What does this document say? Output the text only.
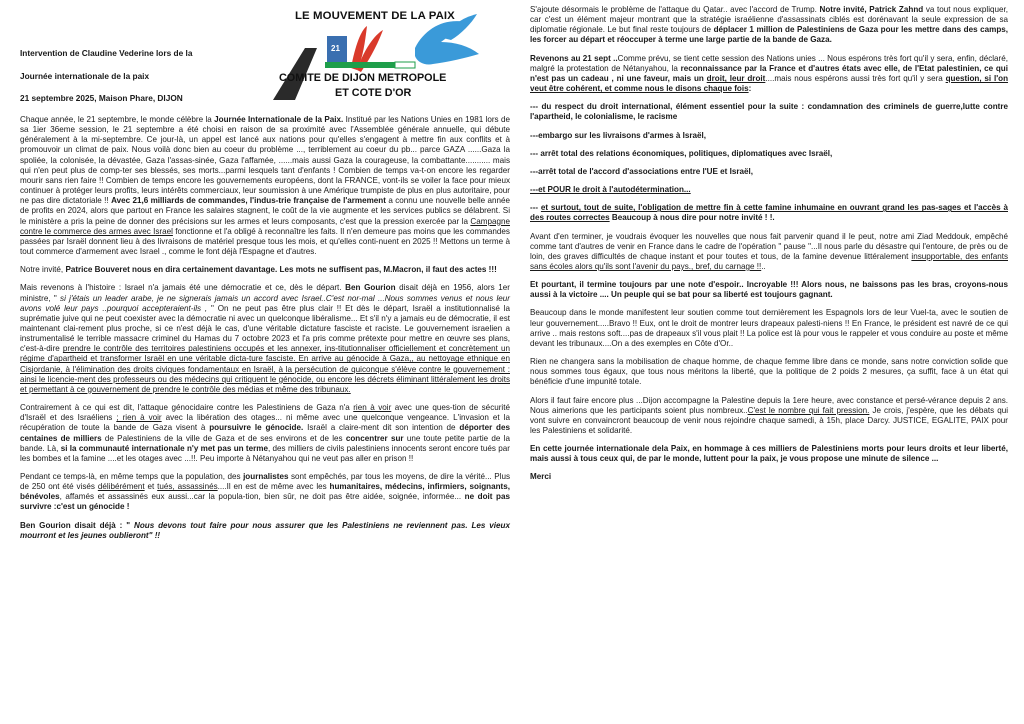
Intervention de Claudine Vederine lors de la
Journée internationale de la paix
21 septembre 2025, Maison Phare, DIJON
LE MOUVEMENT DE LA PAIX
21
COMITE DE DIJON METROPOLE
ET COTE D'OR

Chaque année, le 21 septembre, le monde célèbre la Journée Internationale de la Paix. Institué par les Nations Unies en 1981 lors de sa 1ier 36eme session, le 21 septembre a été choisi en raison de sa proximité avec l'Assemblée générale annuelle, qui débute généralement à la mi-septembre. Ce jour-là, un appel est lancé aux nations pour qu'elles s'engagent à mettre fin aux conflits et à promouvoir un climat de paix. Nous voilà donc bien au coeur du problème ..., terriblement au coeur du pb... parce GAZA ......Gaza la spoliée, la colonisée, la dévastée, Gaza l'assas-sinée, Gaza l'affamée, ......mais aussi Gaza la courageuse, la combattante........... mais qui n'en peut plus de comp-ter ses blessés, ses morts...parmi lesquels tant d'enfants ! Combien de temps va-t-on encore les regarder mourir sans rien faire !! Combien de temps encore les gouvernements européens, dont la FRANCE, vont-ils se voiler la face pour mieux continuer à protéger leurs profits, leurs intérêts commerciaux, leur soumission à une Amérique trumpiste de plus en plus autoritaire, pour ne pas dire dictatoriale !! Avec 21,6 milliards de commandes, l'indus-trie française de l'armement a connu une nouvelle belle année de profits en 2024, alors que partout en France les salaires stagnent, le coût de la vie augmente et les services publics se délabrent. Si le ministère a pris la peine de donner des précisions sur les armes et leurs composants, c'est que la pression exercée par la Campagne contre le commerce des armes avec Israel fonctionne et l'a obligé à reconnaître les faits. Il n'en demeure pas moins que les commandes passées par Israël donnent lieu à des livraisons de matériel presque tous les mois, et qu'elles conti-nuent en 2025 !! Mettons un terme à tout commerce d'armement avec Israel ., comme le font déjà l'Espagne et d'autres.

Notre invité, Patrice Bouveret nous en dira certainement davantage. Les mots ne suffisent pas, M.Macron, il faut des actes !!!

Mais revenons à l'histoire : Israel n'a jamais été une démocratie et ce, dès le départ. Ben Gourion disait déjà en 1956, alors 1er ministre, " si j'étais un leader arabe, je ne signerais jamais un accord avec Israel..C'est nor-mal ...Nous sommes venus et nous leur avons volé leur pays ..pourquoi accepteraient-ils , " On ne peut pas être plus clair !! Et dès le départ, Israël a institutionnalisé la suprématie juive qui ne peut coexister avec la démocratie ni avec un quelconque libéralisme... Et s'il n'y a jamais eu de démocratie, il est maintenant clai-rement plus proche, si ce n'est déjà le cas, d'une véritable dictature fasciste et raciste. Le gouvernement israelien a instrumentalisé le terrible massacre criminel du Hamas du 7 octobre 2023 et l'a pris comme prétexte pour mettre en œuvre ses plans, c'est-à-dire prendre le contrôle des territoires palestiniens occupés et les annexer, ins-titutionnaliser officiellement et concrètement un régime d'apartheid et transformer Israël en une véritable dicta-ture fasciste. En arrive au génocide à Gaza,, au nettoyage ethnique en Cisjordanie, à l'élimination des droits civiques fondamentaux en Israël, à la persécution de quiconque s'élève contre le gouvernement : ainsi le licencie-ment des professeurs ou des médecins qui critiquent le génocide, ou encore les décrets éliminant littéralement les droits et permettant à ce gouvernement de prendre le contrôle des médias et même des tribunaux.

Contrairement à ce qui est dit, l'attaque génocidaire contre les Palestiniens de Gaza n'a rien à voir avec une ques-tion de sécurité d'Israël et des Israéliens ; rien à voir avec la libération des otages... ni même avec une quelconque vengeance. L'invasion et la récupération de toute la bande de Gaza visent à poursuivre le génocide. Israël a claire-ment dit son intention de déporter des centaines de milliers de Palestiniens de la ville de Gaza et de ses environs et de les concentrer sur une toute petite partie de la bande. Là, si la communauté internationale n'y met pas un terme, des milliers de civils palestiniens innocents seront encore tués par les bombes et la famine ....et les otages avec ...!!. Peu importe à Nétanyahou qui ne veut pas aller en prison !!

Pendant ce temps-là, en même temps que la population, des journalistes sont empêchés, par tous les moyens, de dire la vérité... Plus de 250 ont été visés délibérément et tués, assassinés....Il en est de même avec les humanitaires, médecins, infirmiers, soignants, bénévoles, affamés et assassinés eux aussi...car la popula-tion, bien sûr, ne doit pas être aidée, soignée, informée... ne doit pas survivre :c'est un génocide !

Ben Gourion disait déjà : " Nous devons tout faire pour nous assurer que les Palestiniens ne reviennent pas. Les vieux mourront et les jeunes oublieront" !!

S'ajoute désormais le problème de l'attaque du Qatar.. avec l'accord de Trump. Notre invité, Patrick Zahnd va tout nous expliquer, car c'est un élément majeur montrant que la stratégie israélienne d'assassinats ciblés est dorénavant la seule expression de sa diplomatie régionale. Le but final reste toujours de déplacer 1 million de Palestiniens de Gaza pour les mettre dans des camps, les forcer au départ et réoccuper à terme une large partie de la bande de Gaza.

Revenons au 21 sept ..Comme prévu, se tient cette session des Nations unies ... Nous espérons très fort qu'il y sera, enfin, déclaré, malgré la protestation de Nétanyahou, la reconnaissance par la France et d'autres états avec elle, de l'Etat palestinien, ce qui n'est pas un cadeau , ni une faveur, mais un droit, leur droit....mais nous espérons aussi très fort qu'il y sera question, si l'on veut être cohérent, et comme nous le disons chaque fois:

--- du respect du droit international, élément essentiel pour la suite : condamnation des criminels de guerre,lutte contre l'apartheid, le colonialisme, le racisme

---embargo sur les livraisons d'armes à Israël,

--- arrêt total des relations économiques, politiques, diplomatiques avec Israël,

---arrêt total de l'accord d'associations entre l'UE et Israël,

---et POUR le droit à l'autodétermination...

--- et surtout, tout de suite, l'obligation de mettre fin à cette famine inhumaine en ouvrant grand les pas-sages et l'accès à des routes correctes Beaucoup à nous dire pour notre invité ! !.

Avant d'en terminer, je voudrais évoquer les nouvelles que nous fait parvenir quand il le peut, notre ami Ziad Meddouk, empêché comme tant d'autres de venir en France dans le cadre de l'opération " pause "...Il nous parle du désastre qui l'entoure, de près ou de loin, des graves difficultés de chaque instant et pour toutes et tous, de la famine devenue littéralement insupportable, des enfants sans écoles alors qu'ils sont l'avenir du pays., bref, du carnage !!..

Et pourtant, il termine toujours par une note d'espoir.. Incroyable !!! Alors nous, ne baissons pas les bras, croyons-nous aussi à la victoire .... Un peuple qui se bat pour sa liberté est toujours gagnant.

Beaucoup dans le monde manifestent leur soutien comme tout dernièrement les Espagnols lors de leur Vuel-ta, avec le soutien de leur gouvernement.....Bravo !! Eux, ont le droit de montrer leurs drapeaux palesti-niens !! En France, le président est navré de ce qui arrive .. mais restons soft....pas de drapeaux s'il vous plait !! La police est là pour vous le rappeler et vous conduire au poste et même devant les tribunaux....On a des exemples en Côte d'Or..

Rien ne changera sans la mobilisation de chaque homme, de chaque femme libre dans ce monde, sans notre conviction solide que nous sommes tous égaux, que tous nous méritons la liberté, que la politique de 2 poids 2 mesures, ça suffit, face à un état qui bénéficie d'une impunité totale.

Alors il faut faire encore plus ...Dijon accompagne la Palestine depuis la 1ere heure, avec constance et persé-vérance depuis 2 ans. Nous aimerions que les participants soient plus nombreux..C'est le nombre qui fait pression. Je crois, j'espère, que les débats qui vont suivre en convaincront beaucoup de venir nous rejoindre chaque samedi, à 15h, place Darcy. JUSTICE, EGALITE, PAIX pour les Palestiniens et solidarité.

En cette journée internationale dela Paix, en hommage à ces milliers de Palestiniens morts pour leurs droits et leur liberté, mais aussi à tous ceux qui, de par le monde, luttent pour la paix, je vous propose une minute de silence ...

Merci
